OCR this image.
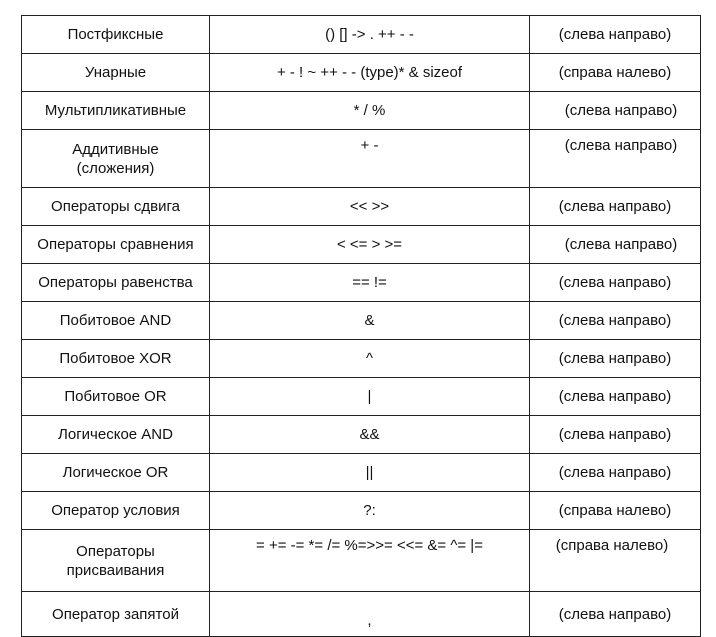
Постфиксные	() [] -> . ++ - -	(слева направо)
Унарные	+ - ! ~ ++ - - (type)* & sizeof	(справа налево)
Мультипликативные	* / %	(слева направо)
Аддитивные
(сложения)	+ -	(слева направо)
Операторы сдвига	<< >>	(слева направо)
Операторы сравнения	< <= > >=	(слева направо)
Операторы равенства	== !=	(слева направо)
Побитовое AND	&	(слева направо)
Побитовое XOR	^	(слева направо)
Побитовое OR	|	(слева направо)
Логическое AND	&&	(слева направо)
Логическое OR	||	(слева направо)
Оператор условия	?:	(справа налево)
Операторы
присваивания	= += -= *= /= %=>>= <<= &= ^= |=	(справа налево)
Оператор запятой	,	(слева направо)
